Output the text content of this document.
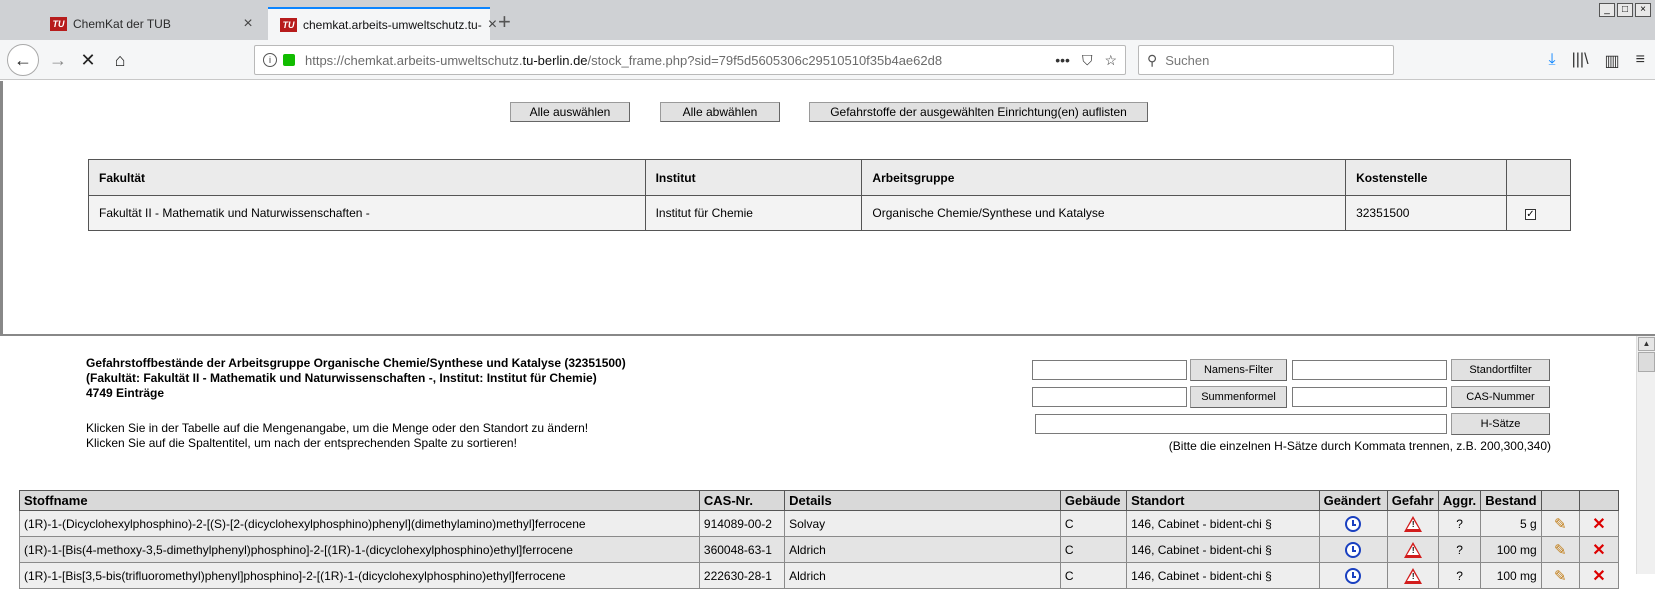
TU ChemKat der TUB	×	TU chemkat.arbeits-umweltschutz.tu- × +	_	□	×
← → ✕	⌂	i	https://chemkat.arbeits-umweltschutz.tu-berlin.de/stock_frame.php?sid=79f5d5605306c29510510f35b4ae62d8	••• ⛉ ☆ ⚲ Suchen	⤓ |||\ ▥ ≡
Alle auswählen	Alle abwählen	Gefahrstoffe der ausgewählten Einrichtung(en) auflisten
Fakultät	Institut	Arbeitsgruppe	Kostenstelle	
Fakultät II - Mathematik und Naturwissenschaften -	Institut für Chemie	Organische Chemie/Synthese und Katalyse	32351500	✓
Gefahrstoffbestände der Arbeitsgruppe Organische Chemie/Synthese und Katalyse (32351500)
(Fakultät: Fakultät II - Mathematik und Naturwissenschaften -, Institut: Institut für Chemie)
4749 Einträge
Klicken Sie in der Tabelle auf die Mengenangabe, um die Menge oder den Standort zu ändern! Klicken Sie auf die Spaltentitel, um nach der entsprechenden Spalte zu sortieren!
Namens-Filter	Standortfilter
Summenformel	CAS-Nummer
H-Sätze
(Bitte die einzelnen H-Sätze durch Kommata trennen, z.B. 200,300,340)
Stoffname	CAS-Nr.	Details	Gebäude	Standort	Geändert	Gefahr	Aggr.	Bestand		
(1R)-1-(Dicyclohexylphosphino)-2-[(S)-[2-(dicyclohexylphosphino)phenyl](dimethylamino)methyl]ferrocene	914089-00-2	Solvay	C	146, Cabinet - bident-chi §		!	?	5 g	✎	✕
(1R)-1-[Bis(4-methoxy-3,5-dimethylphenyl)phosphino]-2-[(1R)-1-(dicyclohexylphosphino)ethyl]ferrocene	360048-63-1	Aldrich	C	146, Cabinet - bident-chi §		!	?	100 mg	✎	✕
(1R)-1-[Bis[3,5-bis(trifluoromethyl)phenyl]phosphino]-2-[(1R)-1-(dicyclohexylphosphino)ethyl]ferrocene	222630-28-1	Aldrich	C	146, Cabinet - bident-chi §		!	?	100 mg	✎	✕
▲
